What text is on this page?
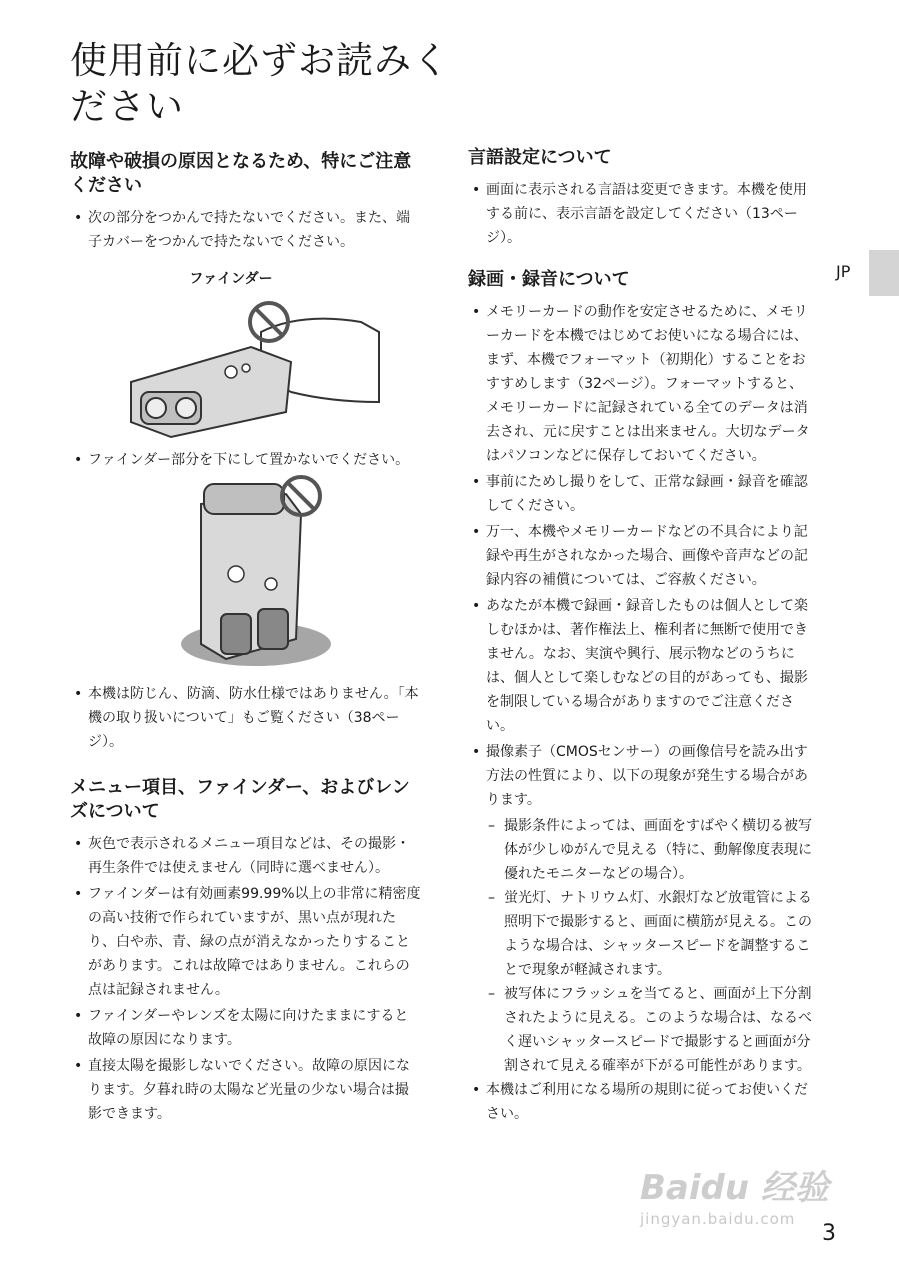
使用前に必ずお読みください
JP
故障や破損の原因となるため、特にご注意ください
• 次の部分をつかんで持たないでください。また、端子カバーをつかんで持たないでください。
ファインダー
• ファインダー部分を下にして置かないでください。
• 本機は防じん、防滴、防水仕様ではありません。「本機の取り扱いについて」もご覧ください（38ページ）。
メニュー項目、ファインダー、およびレンズについて
• 灰色で表示されるメニュー項目などは、その撮影・再生条件では使えません（同時に選べません）。
• ファインダーは有効画素99.99%以上の非常に精密度の高い技術で作られていますが、黒い点が現れたり、白や赤、青、緑の点が消えなかったりすることがあります。これは故障ではありません。これらの点は記録されません。
• ファインダーやレンズを太陽に向けたままにすると故障の原因になります。
• 直接太陽を撮影しないでください。故障の原因になります。夕暮れ時の太陽など光量の少ない場合は撮影できます。
言語設定について
• 画面に表示される言語は変更できます。本機を使用する前に、表示言語を設定してください（13ページ）。
録画・録音について
• メモリーカードの動作を安定させるために、メモリーカードを本機ではじめてお使いになる場合には、まず、本機でフォーマット（初期化）することをおすすめします（32ページ）。フォーマットすると、メモリーカードに記録されている全てのデータは消去され、元に戻すことは出来ません。大切なデータはパソコンなどに保存しておいてください。
• 事前にためし撮りをして、正常な録画・録音を確認してください。
• 万一、本機やメモリーカードなどの不具合により記録や再生がされなかった場合、画像や音声などの記録内容の補償については、ご容赦ください。
• あなたが本機で録画・録音したものは個人として楽しむほかは、著作権法上、権利者に無断で使用できません。なお、実演や興行、展示物などのうちには、個人として楽しむなどの目的があっても、撮影を制限している場合がありますのでご注意ください。
• 撮像素子（CMOSセンサー）の画像信号を読み出す方法の性質により、以下の現象が発生する場合があります。
– 撮影条件によっては、画面をすばやく横切る被写体が少しゆがんで見える（特に、動解像度表現に優れたモニターなどの場合）。
– 蛍光灯、ナトリウム灯、水銀灯など放電管による照明下で撮影すると、画面に横筋が見える。このような場合は、シャッタースピードを調整することで現象が軽減されます。
– 被写体にフラッシュを当てると、画面が上下分割されたように見える。このような場合は、なるべく遅いシャッタースピードで撮影すると画面が分割されて見える確率が下がる可能性があります。
• 本機はご利用になる場所の規則に従ってお使いください。
Baidu 经验
jingyan.baidu.com
3
